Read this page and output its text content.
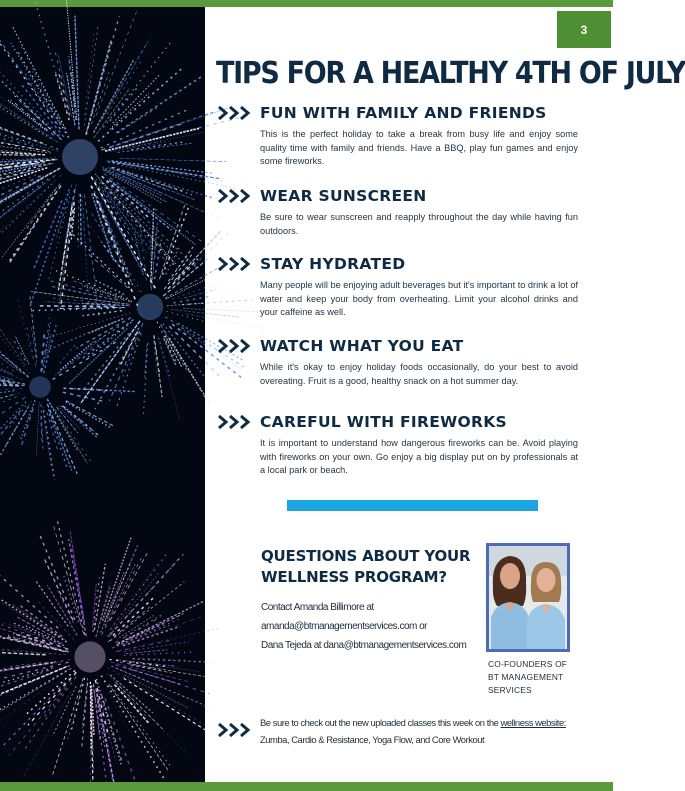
3
TIPS FOR A HEALTHY 4TH OF JULY
FUN WITH FAMILY AND FRIENDS
This is the perfect holiday to take a break from busy life and enjoy some quality time with family and friends. Have a BBQ, play fun games and enjoy some fireworks.
WEAR SUNSCREEN
Be sure to wear sunscreen and reapply throughout the day while having fun outdoors.
STAY HYDRATED
Many people will be enjoying adult beverages but it's important to drink a lot of water and keep your body from overheating. Limit your alcohol drinks and your caffeine as well.
WATCH WHAT YOU EAT
While it's okay to enjoy holiday foods occasionally, do your best to avoid overeating. Fruit is a good, healthy snack on a hot summer day.
CAREFUL WITH FIREWORKS
It is important to understand how dangerous fireworks can be. Avoid playing with fireworks on your own. Go enjoy a big display put on by professionals at a local park or beach.
QUESTIONS ABOUT YOUR
WELLNESS PROGRAM?
Contact Amanda Billimore at
amanda@btmanagementservices.com or
Dana Tejeda at dana@btmanagementservices.com
CO-FOUNDERS OF
BT MANAGEMENT SERVICES
Be sure to check out the new uploaded classes this week on the wellness website:
Zumba, Cardio & Resistance, Yoga Flow, and Core Workout
